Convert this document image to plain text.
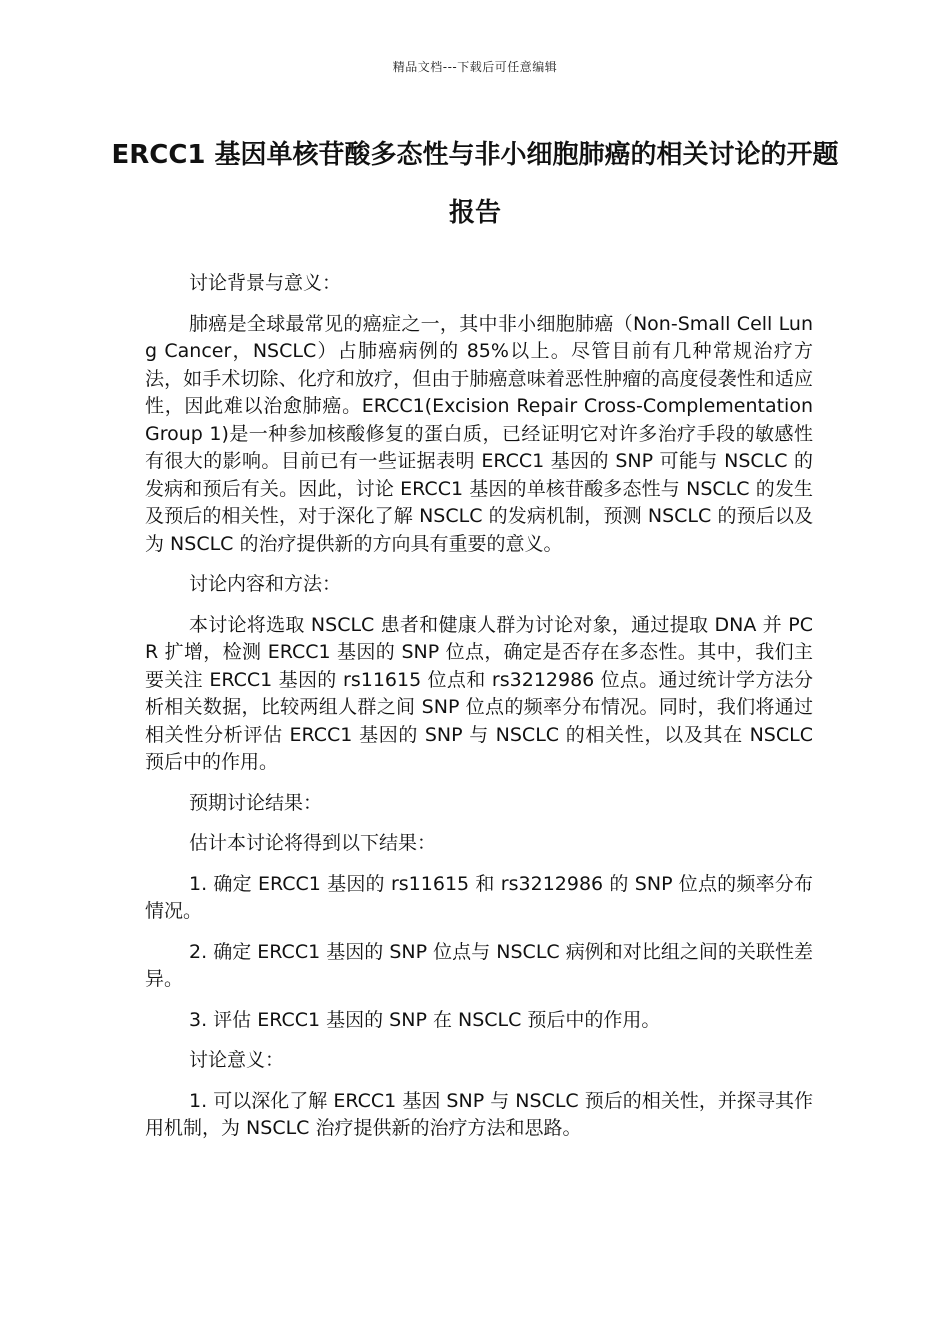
精品文档---下载后可任意编辑
ERCC1 基因单核苷酸多态性与非小细胞肺癌的相关讨论的开题报告

讨论背景与意义：

肺癌是全球最常见的癌症之一，其中非小细胞肺癌（Non-Small Cell Lung Cancer，NSCLC）占肺癌病例的 85%以上。尽管目前有几种常规治疗方法，如手术切除、化疗和放疗，但由于肺癌意味着恶性肿瘤的高度侵袭性和适应性，因此难以治愈肺癌。ERCC1(Excision Repair Cross-Complementation Group 1)是一种参加核酸修复的蛋白质，已经证明它对许多治疗手段的敏感性有很大的影响。目前已有一些证据表明 ERCC1 基因的 SNP 可能与 NSCLC 的发病和预后有关。因此，讨论 ERCC1 基因的单核苷酸多态性与 NSCLC 的发生及预后的相关性，对于深化了解 NSCLC 的发病机制，预测 NSCLC 的预后以及为 NSCLC 的治疗提供新的方向具有重要的意义。

讨论内容和方法：

本讨论将选取 NSCLC 患者和健康人群为讨论对象，通过提取 DNA 并 PCR 扩增，检测 ERCC1 基因的 SNP 位点，确定是否存在多态性。其中，我们主要关注 ERCC1 基因的 rs11615 位点和 rs3212986 位点。通过统计学方法分析相关数据，比较两组人群之间 SNP 位点的频率分布情况。同时，我们将通过相关性分析评估 ERCC1 基因的 SNP 与 NSCLC 的相关性，以及其在 NSCLC 预后中的作用。

预期讨论结果：

估计本讨论将得到以下结果：

1. 确定 ERCC1 基因的 rs11615 和 rs3212986 的 SNP 位点的频率分布情况。

2. 确定 ERCC1 基因的 SNP 位点与 NSCLC 病例和对比组之间的关联性差异。

3. 评估 ERCC1 基因的 SNP 在 NSCLC 预后中的作用。

讨论意义：

1. 可以深化了解 ERCC1 基因 SNP 与 NSCLC 预后的相关性，并探寻其作用机制，为 NSCLC 治疗提供新的治疗方法和思路。
